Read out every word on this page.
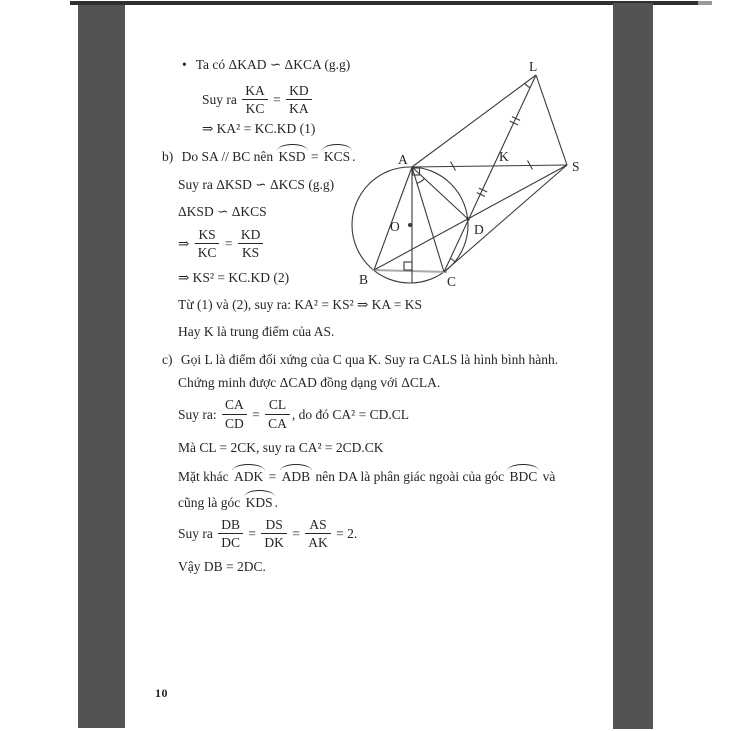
• Ta có ΔKAD ∽ ΔKCA (g.g)
Suy ra $\frac{KA}{KC} = \frac{KD}{KA}$
⇒ KA² = KC.KD (1)
b) Do SA // BC nên KSD = KCS .
Suy ra ΔKSD ∽ ΔKCS (g.g)
ΔKSD ∽ ΔKCS
⇒ $\frac{KS}{KC} = \frac{KD}{KS}$
⇒ KS² = KC.KD (2)
Từ (1) và (2), suy ra: KA² = KS² ⇒ KA = KS
Hay K là trung điểm của AS.
c) Gọi L là điểm đối xứng của C qua K. Suy ra CALS là hình bình hành.
Chứng minh được ΔCAD đồng dạng với ΔCLA.
Suy ra: $\frac{CA}{CD} = \frac{CL}{CA}$ , do đó CA² = CD.CL
Mà CL = 2CK, suy ra CA² = 2CD.CK
Mặt khác ADK = ADB nên DA là phân giác ngoài của góc BDC và
cũng là góc KDS .
Suy ra $\frac{DB}{DC} = \frac{DS}{DK} = \frac{AS}{AK} = 2$.
Vậy DB = 2DC.
L
A	K
S
O	D
B	C
10
